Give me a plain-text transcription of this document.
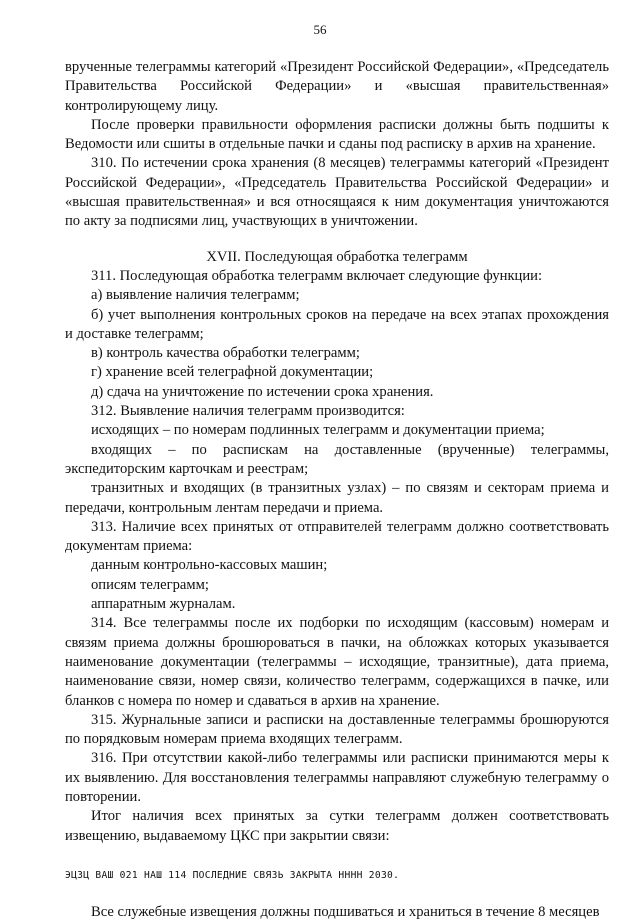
56

врученные телеграммы категорий «Президент Российской Федерации», «Председатель Правительства Российской Федерации» и «высшая правительственная» контролирующему лицу.

После проверки правильности оформления расписки должны быть подшиты к Ведомости или сшиты в отдельные пачки и сданы под расписку в архив на хранение.

310. По истечении срока хранения (8 месяцев) телеграммы категорий «Президент Российской Федерации», «Председатель Правительства Российской Федерации» и «высшая правительственная» и вся относящаяся к ним документация уничтожаются по акту за подписями лиц, участвующих в уничтожении.

XVII. Последующая обработка телеграмм

311. Последующая обработка телеграмм включает следующие функции:

а) выявление наличия телеграмм;

б) учет выполнения контрольных сроков на передаче на всех этапах прохождения и доставке телеграмм;

в) контроль качества обработки телеграмм;

г) хранение всей телеграфной документации;

д) сдача на уничтожение по истечении срока хранения.

312. Выявление наличия телеграмм производится:

исходящих – по номерам подлинных телеграмм и документации приема;

входящих – по распискам на доставленные (врученные) телеграммы, экспедиторским карточкам и реестрам;

транзитных и входящих (в транзитных узлах) – по связям и секторам приема и передачи, контрольным лентам передачи и приема.

313. Наличие всех принятых от отправителей телеграмм должно соответствовать документам приема:

данным контрольно-кассовых машин;

описям телеграмм;

аппаратным журналам.

314. Все телеграммы после их подборки по исходящим (кассовым) номерам и связям приема должны брошюроваться в пачки, на обложках которых указывается наименование документации (телеграммы – исходящие, транзитные), дата приема, наименование связи, номер связи, количество телеграмм, содержащихся в пачке, или бланков с номера по номер и сдаваться в архив на хранение.

315. Журнальные записи и расписки на доставленные телеграммы брошюруются по порядковым номерам приема входящих телеграмм.

316. При отсутствии какой-либо телеграммы или расписки принимаются меры к их выявлению. Для восстановления телеграммы направляют служебную телеграмму о повторении.

Итог наличия всех принятых за сутки телеграмм должен соответствовать извещению, выдаваемому ЦКС при закрытии связи:

ЭЦЗЦ ВАШ 021 НАШ 114 ПОСЛЕДНИЕ СВЯЗЬ ЗАКРЫТА НННН 2030.

Все служебные извещения должны подшиваться и храниться в течение 8 месяцев
